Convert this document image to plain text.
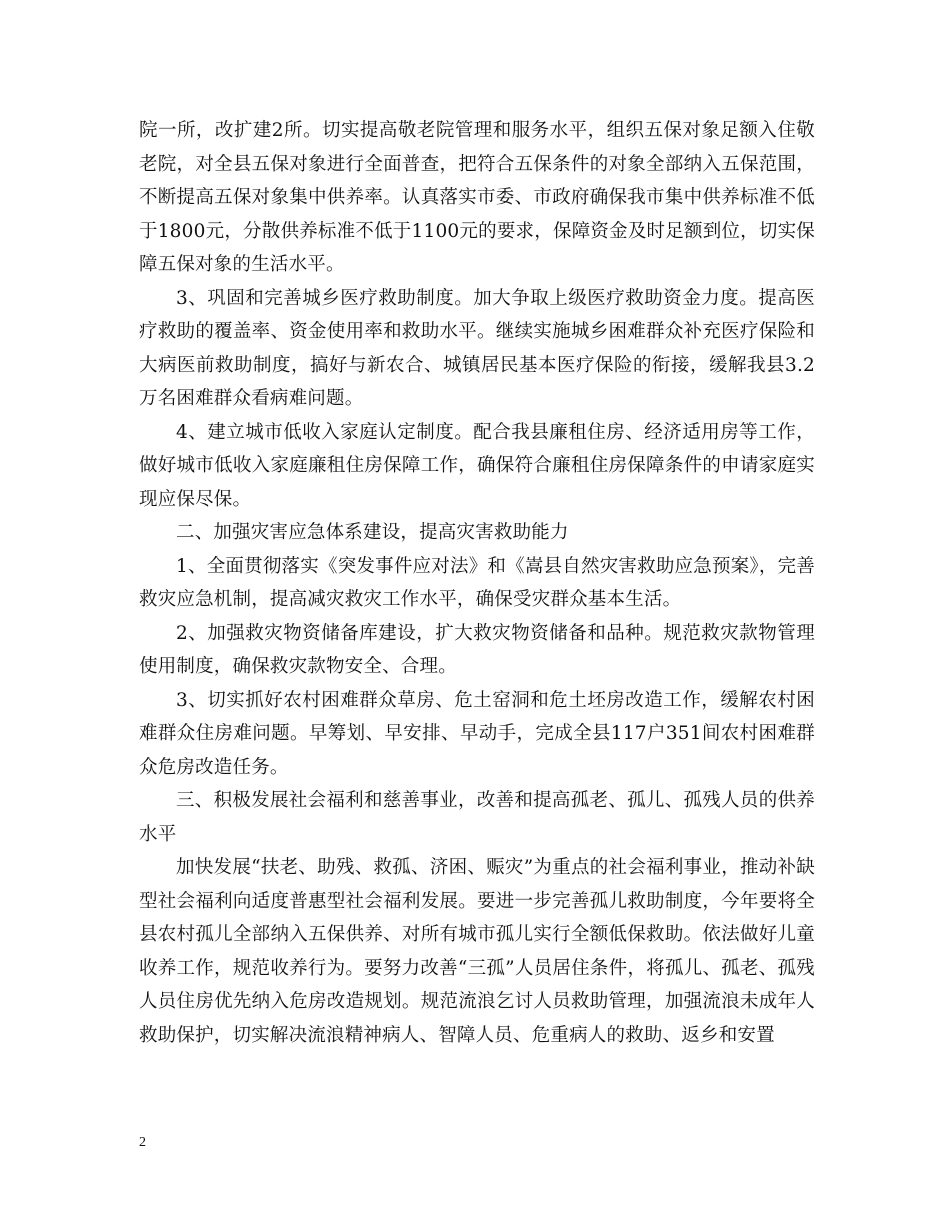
院一所，改扩建2所。切实提高敬老院管理和服务水平，组织五保对象足额入住敬老院，对全县五保对象进行全面普查，把符合五保条件的对象全部纳入五保范围，不断提高五保对象集中供养率。认真落实市委、市政府确保我市集中供养标准不低于1800元，分散供养标准不低于1100元的要求，保障资金及时足额到位，切实保障五保对象的生活水平。

3、巩固和完善城乡医疗救助制度。加大争取上级医疗救助资金力度。提高医疗救助的覆盖率、资金使用率和救助水平。继续实施城乡困难群众补充医疗保险和大病医前救助制度，搞好与新农合、城镇居民基本医疗保险的衔接，缓解我县3.2万名困难群众看病难问题。

4、建立城市低收入家庭认定制度。配合我县廉租住房、经济适用房等工作，做好城市低收入家庭廉租住房保障工作，确保符合廉租住房保障条件的申请家庭实现应保尽保。

二、加强灾害应急体系建设，提高灾害救助能力

1、全面贯彻落实《突发事件应对法》和《嵩县自然灾害救助应急预案》，完善救灾应急机制，提高减灾救灾工作水平，确保受灾群众基本生活。

2、加强救灾物资储备库建设，扩大救灾物资储备和品种。规范救灾款物管理使用制度，确保救灾款物安全、合理。

3、切实抓好农村困难群众草房、危土窑洞和危土坯房改造工作，缓解农村困难群众住房难问题。早筹划、早安排、早动手，完成全县117户351间农村困难群众危房改造任务。

三、积极发展社会福利和慈善事业，改善和提高孤老、孤儿、孤残人员的供养水平

加快发展“扶老、助残、救孤、济困、赈灾”为重点的社会福利事业，推动补缺型社会福利向适度普惠型社会福利发展。要进一步完善孤儿救助制度，今年要将全县农村孤儿全部纳入五保供养、对所有城市孤儿实行全额低保救助。依法做好儿童收养工作，规范收养行为。要努力改善“三孤”人员居住条件，将孤儿、孤老、孤残人员住房优先纳入危房改造规划。规范流浪乞讨人员救助管理，加强流浪未成年人救助保护，切实解决流浪精神病人、智障人员、危重病人的救助、返乡和安置

2
